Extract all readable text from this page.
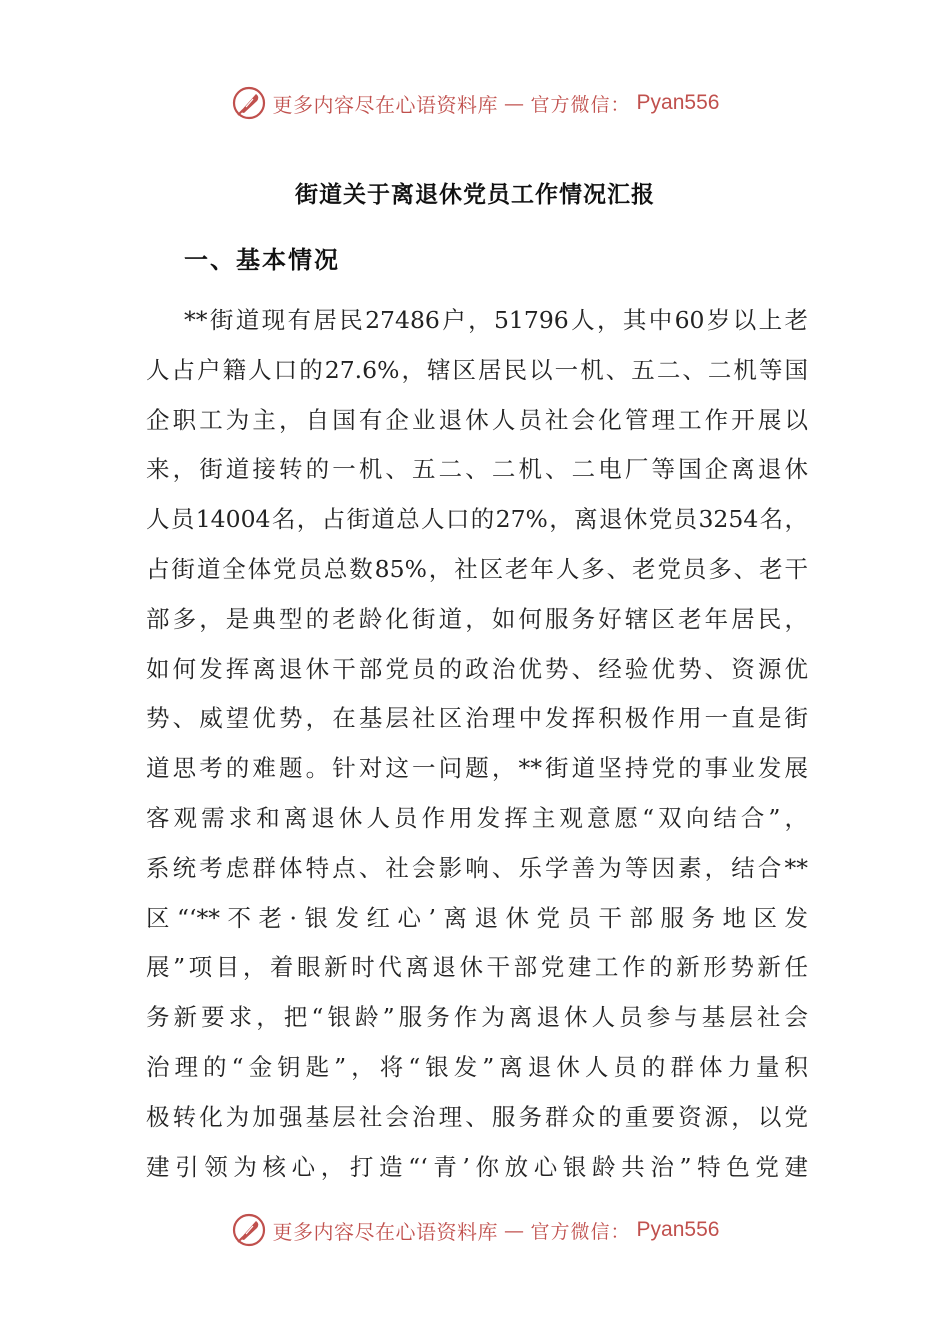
更多内容尽在心语资料库 — 官方微信： Pyan556
街道关于离退休党员工作情况汇报
一、基本情况
**街道现有居民27486户，51796人，其中60岁以上老
人占户籍人口的27.6%，辖区居民以一机、五二、二机等国
企职工为主，自国有企业退休人员社会化管理工作开展以
来，街道接转的一机、五二、二机、二电厂等国企离退休
人员14004名，占街道总人口的27%，离退休党员3254名，
占街道全体党员总数85%，社区老年人多、老党员多、老干
部多，是典型的老龄化街道，如何服务好辖区老年居民，
如何发挥离退休干部党员的政治优势、经验优势、资源优
势、威望优势，在基层社区治理中发挥积极作用一直是街
道思考的难题。针对这一问题，**街道坚持党的事业发展
客观需求和离退休人员作用发挥主观意愿“双向结合”，
系统考虑群体特点、社会影响、乐学善为等因素，结合**
区“‘**不老·银发红心’离退休党员干部服务地区发
展”项目，着眼新时代离退休干部党建工作的新形势新任
务新要求，把“银龄”服务作为离退休人员参与基层社会
治理的“金钥匙”，将“银发”离退休人员的群体力量积
极转化为加强基层社会治理、服务群众的重要资源，以党
建引领为核心，打造“‘青’你放心银龄共治”特色党建
更多内容尽在心语资料库 — 官方微信： Pyan556
